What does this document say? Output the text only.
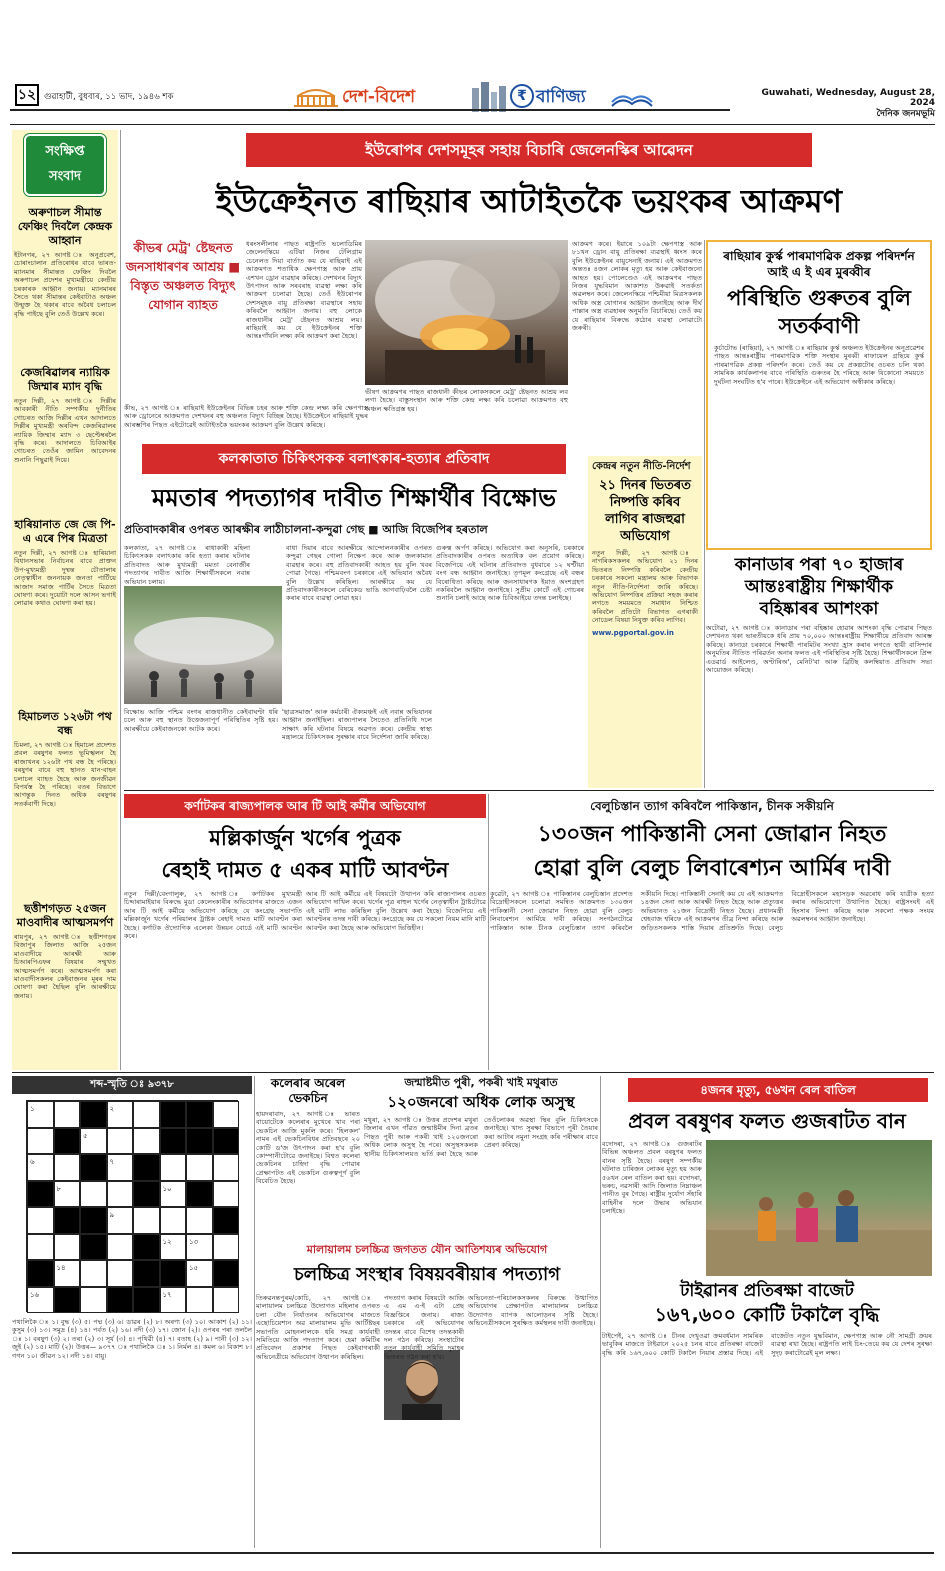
১২ গুৱাহাটী, বুধবাৰ, ১১ ভাদ, ১৯৪৬ শক	দেশ-বিদেশ	₹ বাণিজ্য	Guwahati, Wednesday, August 28, 2024
দৈনিক জনমভূমি
সংক্ষিপ্ত
সংবাদ
অৰুণাচল সীমান্ত ফেঞ্চিং দিবলৈ কেন্দ্ৰক আহ্বান
ইটানগৰ, ২৭ আগষ্ট ঃ অনুপ্ৰবেশ, চোৰাংচালান প্ৰতিৰোধৰ বাবে ভাৰত-ম্যানমাৰ সীমান্তত ফেঞ্চিং দিবলৈ অৰুণাচল প্ৰদেশৰ মুখ্যমন্ত্ৰীয়ে কেন্দ্ৰীয় চৰকাৰক আহ্বান জনায়। ম্যানমাৰৰ সৈতে থকা সীমান্তৰ কেইবাটাও অঞ্চল উন্মুক্ত হৈ থকাৰ বাবে অবৈধ চলাচল বৃদ্ধি পাইছে বুলি তেওঁ উল্লেখ কৰে।
কেজৰিৱালৰ ন্যায়িক জিম্মাৰ ম্যাদ বৃদ্ধি
নতুন দিল্লী, ২৭ আগষ্ট ঃ দিল্লীৰ আবকাৰী নীতি সম্পৰ্কীয় দুৰ্নীতিৰ গোচৰত আজি দিল্লীৰ এখন আদালতে দিল্লীৰ মুখ্যমন্ত্ৰী অৰবিন্দ কেজৰিৱালৰ ন্যায়িক জিম্মাৰ ম্যাদ ৩ ছেপ্টেম্বৰলৈ বৃদ্ধি কৰে। আদালতে চিবিআইৰ গোচৰত তেওঁৰ জামিন আবেদনৰ শুনানি পিছুৱাই দিয়ে।
হাৰিয়ানাত জে জে পি-এ এৰে পিৰ মিত্ৰতা
নতুন দিল্লী, ২৭ আগষ্ট ঃ হাৰিয়ানা বিধানসভাৰ নিৰ্বাচনৰ বাবে প্ৰাক্তন উপ-মুখ্যমন্ত্ৰী দুষ্মন্ত চৌতালাৰ নেতৃত্বাধীন জননায়ক জনতা পাৰ্টিয়ে আজাদ সমাজ পাৰ্টিৰ সৈতে মিত্ৰতা ঘোষণা কৰে। দুয়োটা দলে আসন ভগাই লোৱাৰ কথাও ঘোষণা কৰা হয়।
হিমাচলত ১২৬টা পথ বন্ধ
চিমলা, ২৭ আগষ্ট ঃ হিমাচল প্ৰদেশত প্ৰবল বৰষুণৰ ফলত ভূমিস্খলন হৈ ৰাজ্যখনৰ ১২৬টা পথ বন্ধ হৈ পৰিছে। বৰষুণৰ বাবে বহু স্থানত যান-বাহন চলাচল ব্যাহত হৈছে আৰু জনজীৱন বিপৰ্যস্ত হৈ পৰিছে। বতৰ বিভাগে আগন্তুক দিনত অধিক বৰষুণৰ সতৰ্কবাণী দিছে।
ছত্তীশগড়ত ২৫জন মাওবাদীৰ আত্মসমৰ্পণ
ৰায়পুৰ, ২৭ আগষ্ট ঃ ছত্তীশগড়ৰ বিজাপুৰ জিলাত আজি ২৫জন মাওবাদীয়ে আৰক্ষী আৰু চিআৰপিএফৰ বিষয়াৰ সন্মুখত আত্মসমৰ্পণ কৰে। আত্মসমৰ্পণ কৰা মাওবাদীসকলৰ কেইবাজনৰ মূৰৰ দাম ঘোষণা কৰা হৈছিল বুলি আৰক্ষীয়ে জনায়।
ইউৰোপৰ দেশসমূহৰ সহায় বিচাৰি জেলেনস্কিৰ আৱেদন
ইউক্ৰেইনত ৰাছিয়াৰ আটাইতকৈ ভয়ংকৰ আক্ৰমণ
কীভৰ মেট্ৰ' ষ্টেছনত জনসাধাৰণৰ আশ্ৰয় ■ বিস্তৃত অঞ্চলত বিদ্যুৎ যোগান ব্যাহত
কীভ, ২৭ আগষ্ট ঃ ৰাছিয়াই ইউক্ৰেইনৰ বিভিন্ন চহৰ আৰু শক্তি কেন্দ্ৰ লক্ষ্য কৰি ক্ষেপণাস্ত্ৰ আৰু ড্ৰোনেৰে আক্ৰমণত দেশখনৰ বহু অঞ্চলত বিদ্যুৎ বিচ্ছিন্ন হৈছে। ইউক্ৰেইনে ৰাছিয়াই যুদ্ধৰ আৰম্ভণিৰ পিছত এইটোৱেই আটাইতকৈ ভয়ংকৰ আক্ৰমণ বুলি উল্লেখ কৰিছে।
ধৰংসলীলাৰ পাছত ৰাষ্ট্ৰপতি ভলোডিমিৰ জেলেনস্কিয়ে এটিয়া নিজৰ টেলিগ্ৰাম চেনেলত দিয়া বাৰ্তাত কয় যে ৰাছিয়াই এই আক্ৰমণত শতাধিক ক্ষেপণাস্ত্ৰ আৰু প্ৰায় এশখন ড্ৰোন ব্যৱহাৰ কৰিছে। দেশখনৰ বিদ্যুৎ উৎপাদন আৰু সৰবৰাহ ব্যৱস্থা লক্ষ্য কৰি আক্ৰমণ চলোৱা হৈছে। তেওঁ ইউৰোপৰ দেশসমূহক বায়ু প্ৰতিৰক্ষা ব্যৱস্থাৰে সহায় কৰিবলৈ আহ্বান জনায়। বহু লোকে ৰাজধানীৰ মেট্ৰ' ষ্টেছনত আশ্ৰয় লয়। ৰাছিয়াই কয় যে ইউক্ৰেইনৰ শক্তি আন্তঃগাঁথনি লক্ষ্য কৰি আক্ৰমণ কৰা হৈছে।
ভীষণ আক্ৰমণৰ পাছত ৰাজধানী কীভৰ লোকসকলে মেট্ৰ' ষ্টেছনত আশ্ৰয় লব লগা হৈছে। বাস্তুসংস্থান আৰু শক্তি কেন্দ্ৰ লক্ষ্য কৰি চলোৱা আক্ৰমণত বহু অঞ্চল ক্ষতিগ্ৰস্ত হয়।
আক্ৰমণ কৰে। ইয়াৰে ১০৯টা ক্ষেপণাস্ত্ৰ আৰু ৮১খন ড্ৰোন বায়ু প্ৰতিৰক্ষা ব্যৱস্থাই ধ্বংস কৰে বুলি ইউক্ৰেইনৰ বায়ুসেনাই জনায়। এই আক্ৰমণত অন্ততঃ ৪জন লোকৰ মৃত্যু হয় আৰু কেইবাজনো আহত হয়। পোলেণ্ডেও এই আক্ৰমণৰ পাছত নিজৰ যুদ্ধবিমান আকাশত উৰুৱাই সতৰ্কতা অৱলম্বন কৰে। জেলেনস্কিয়ে পশ্চিমীয়া মিত্ৰসকলক অধিক অস্ত্ৰ যোগানৰ আহ্বান জনাইছে আৰু দীৰ্ঘ পাল্লাৰ অস্ত্ৰ ব্যৱহাৰৰ অনুমতি বিচাৰিছে। তেওঁ কয় যে ৰাছিয়াৰ বিৰুদ্ধে কঠোৰ ব্যৱস্থা লোৱাটো জৰুৰী।
ৰাছিয়াৰ কুৰ্স্ক পাৰমাণৱিক প্ৰকল্প পৰিদৰ্শন আই এ ই এৰ মুৰব্বীৰ
পৰিস্থিতি গুৰুতৰ বুলি সতৰ্কবাণী
কুৰ্চাটোভ (ৰাছিয়া), ২৭ আগষ্ট ঃ ৰাছিয়াৰ কুৰ্স্ক অঞ্চলত ইউক্ৰেইনৰ অনুপ্ৰৱেশৰ পাছত আন্তঃৰাষ্ট্ৰীয় পাৰমাণৱিক শক্তি সংস্থাৰ মুৰব্বী ৰাফায়েল গ্ৰছিয়ে কুৰ্স্ক পাৰমাণৱিক প্ৰকল্প পৰিদৰ্শন কৰে। তেওঁ কয় যে প্ৰকল্পটোৰ ওচৰত চলি থকা সামৰিক কাৰ্যকলাপৰ বাবে পৰিস্থিতি গুৰুতৰ হৈ পৰিছে আৰু যিকোনো সময়তে দুৰ্ঘটনা সংঘটিত হ'ব পাৰে। ইউক্ৰেইনে এই অভিযোগ অস্বীকাৰ কৰিছে।
কলকাতাত চিকিৎসকক বলাৎকাৰ-হত্যাৰ প্ৰতিবাদ
মমতাৰ পদত্যাগৰ দাবীত শিক্ষাৰ্থীৰ বিক্ষোভ
প্ৰতিবাদকাৰীৰ ওপৰত আৰক্ষীৰ লাঠীচালনা-কন্দুৱা গেছ ■ আজি বিজেপিৰ হৰতাল
কলকাতা, ২৭ আগষ্ট ঃ ৰাধাকাৰী মহিলা চিকিৎসকক বলাৎকাৰ কৰি হত্যা কৰাৰ ঘটনাৰ প্ৰতিবাদত আৰু মুখ্যমন্ত্ৰী মমতা বেনাৰ্জীৰ পদত্যাগৰ দাবীত আজি শিক্ষাৰ্থীসকলে নবান্ন অভিযান চলায়।
বাধা দিয়াৰ বাবে আৰক্ষীয়ে আন্দোলনকাৰীৰ ওপৰত কন্দুৱা গেছৰ গোলা নিক্ষেপ কৰে আৰু জলকামান ব্যৱহাৰ কৰে। বহু প্ৰতিবাদকাৰী আহত হয় বুলি খবৰ পোৱা গৈছে। পশ্চিমবংগ চৰকাৰে এই অভিযান অবৈধ বুলি উল্লেখ কৰিছিল। আৰক্ষীয়ে কয় যে প্ৰতিবাদকাৰীসকলে বেৰিকেড ভাঙি আগবাঢ়িবলৈ চেষ্টা কৰাৰ বাবে ব্যৱস্থা লোৱা হয়।
গুৰুত্ব অৰ্পণ কৰিছে। অভিযোগ কৰা অনুসৰি, চৰকাৰে প্ৰতিবাদকাৰীৰ ওপৰত অত্যধিক বল প্ৰয়োগ কৰিছে। বিজেপিয়ে এই ঘটনাৰ প্ৰতিবাদত বুধবাৰে ১২ ঘণ্টীয়া বংগ বন্ধ আহ্বান জনাইছে। তৃণমূল কংগ্ৰেছে এই বন্ধৰ বিৰোধিতা কৰিছে আৰু জনসাধাৰণক ইয়াত অংশগ্ৰহণ নকৰিবলৈ আহ্বান জনাইছে। সুপ্ৰীম কোৰ্টে এই গোচৰৰ শুনানি চলাই আছে আৰু চিবিআইয়ে তদন্ত চলাইছে।
বিক্ষোভ আজি পশ্চিম বংগৰ ৰাজধানীত কেইবাঘণ্টা ধৰি চলে আৰু বহু স্থানত উত্তেজনাপূৰ্ণ পৰিস্থিতিৰ সৃষ্টি হয়। আৰক্ষীয়ে কেইবাজনকো আটক কৰে।
'ছাত্ৰসমাজ' আৰু কৰ্মচাৰী ঐক্যমঞ্চই এই নবান্ন অভিযানৰ আহ্বান জনাইছিল। ৰাজ্যপালৰ সৈতেও প্ৰতিনিধি দলে সাক্ষাৎ কৰি ঘটনাৰ বিষয়ে অৱগত কৰে। কেন্দ্ৰীয় স্বাস্থ্য মন্ত্ৰালয়ে চিকিৎসকৰ সুৰক্ষাৰ বাবে নিৰ্দেশনা জাৰি কৰিছে।
কেন্দ্ৰৰ নতুন নীতি-নিৰ্দেশ
২১ দিনৰ ভিতৰত নিষ্পত্তি কৰিব লাগিব ৰাজহুৱা অভিযোগ
নতুন দিল্লী, ২৭ আগষ্ট ঃ নাগৰিকসকলৰ অভিযোগ ২১ দিনৰ ভিতৰত নিষ্পত্তি কৰিবলৈ কেন্দ্ৰীয় চৰকাৰে সকলো মন্ত্ৰালয় আৰু বিভাগক নতুন নীতি-নিৰ্দেশনা জাৰি কৰিছে। অভিযোগ নিষ্পত্তিৰ প্ৰক্ৰিয়া সহজ কৰাৰ লগতে সময়মতে সমাধান নিশ্চিত কৰিবলৈ প্ৰতিটো বিভাগত এগৰাকী নোডেল বিষয়া নিযুক্ত কৰিব লাগিব।
www.pgportal.gov.in
কানাডাৰ পৰা ৭০ হাজাৰ
আন্তঃৰাষ্ট্ৰীয় শিক্ষাৰ্থীক
বহিষ্কাৰৰ আশংকা
অটোৱা, ২৭ আগষ্ট ঃ কানাডাৰ পৰা বহিষ্কাৰ হোৱাৰ আশংকা বৃদ্ধি পোৱাৰ পিছত দেশখনত থকা ভাৰতীয়কে ধৰি প্ৰায় ৭০,০০০ আন্তঃৰাষ্ট্ৰীয় শিক্ষাৰ্থীয়ে প্ৰতিবাদ আৰম্ভ কৰিছে। কানাডা চৰকাৰে শিক্ষাৰ্থী পাৰমিটৰ সংখ্যা হ্ৰাস কৰাৰ লগতে স্থায়ী বাসিন্দাৰ অনুমতিৰ নীতিত পৰিৱৰ্তন অনাৰ ফলত এই পৰিস্থিতিৰ সৃষ্টি হৈছে। শিক্ষাৰ্থীসকলে প্ৰিন্স এডৱাৰ্ড আইলেণ্ড, অণ্টাৰিঅ', মেনিট'বা আৰু ব্ৰিটিছ কলম্বিয়াত প্ৰতিবাদ সভা আয়োজন কৰিছে।
কৰ্ণাটকৰ ৰাজ্যপালক আৰ টি আই কৰ্মীৰ অভিযোগ
মল্লিকাৰ্জুন খৰ্গেৰ পুত্ৰক
ৰেহাই দামত ৫ একৰ মাটি আবণ্টন
নতুন দিল্লী/বেংগালুৰু, ২৭ আগষ্ট ঃ কৰ্ণাটকৰ মুখ্যমন্ত্ৰী চিদ্দাৰামাইয়াৰ বিৰুদ্ধে মুডা কেলেংকাৰীৰ অভিযোগৰ মাজতে এজন আৰ টি আই কৰ্মীয়ে অভিযোগ কৰিছে যে কংগ্ৰেছ সভাপতি মল্লিকাৰ্জুন খৰ্গেৰ পৰিয়ালৰ ট্ৰাষ্টক ৰেহাই দামত মাটি আবণ্টন কৰা হৈছে। কৰ্ণাটক ঔদ্যোগিক এলেকা উন্নয়ন বোৰ্ডে এই মাটি আবণ্টন কৰে।
আৰ টি আই কৰ্মীয়ে এই বিষয়টো উত্থাপন কৰি ৰাজ্যপালৰ ওচৰত অভিযোগ দাখিল কৰে। খৰ্গেৰ পুত্ৰ ৰাহুল খৰ্গেৰ নেতৃত্বাধীন ট্ৰাষ্টটোৱে এই মাটি লাভ কৰিছিল বুলি উল্লেখ কৰা হৈছে। বিজেপিয়ে এই আবণ্টনৰ তদন্ত দাবী কৰিছে। কংগ্ৰেছে কয় যে সকলো নিয়ম মানি মাটি আবণ্টন কৰা হৈছে আৰু অভিযোগ ভিত্তিহীন।
বেলুচিস্তান ত্যাগ কৰিবলৈ পাকিস্তান, চীনক সকীয়নি
১৩০জন পাকিস্তানী সেনা জোৱান নিহত
হোৱা বুলি বেলুচ লিবাৰেশ্যন আৰ্মিৰ দাবী
কুৱেটা, ২৭ আগষ্ট ঃ পাকিস্তানৰ বেলুচিস্তান প্ৰদেশত বিদ্ৰোহীসকলে চলোৱা সমন্বিত আক্ৰমণত ১৩০জন পাকিস্তানী সেনা জোৱান নিহত হোৱা বুলি বেলুচ লিবাৰেশ্যন আৰ্মিয়ে দাবী কৰিছে। সংগঠনটোৱে পাকিস্তান আৰু চীনক বেলুচিস্তান ত্যাগ কৰিবলৈ সকীয়নি দিছে। পাকিস্তানী সেনাই কয় যে এই আক্ৰমণত ১৪জন সেনা আৰু আৰক্ষী নিহত হৈছে আৰু প্ৰত্যুত্তৰ অভিযানত ২১জন বিদ্ৰোহী নিহত হৈছে। প্ৰধানমন্ত্ৰী শ্বেহবাজ শ্বৰিফে এই আক্ৰমণৰ তীব্ৰ নিন্দা কৰিছে আৰু জড়িতসকলক শাস্তি দিয়াৰ প্ৰতিশ্ৰুতি দিছে। বেলুচ বিদ্ৰোহীসকলে মহাসড়ক অৱৰোধ কৰি যাত্ৰীক হত্যা কৰাৰ অভিযোগো উত্থাপিত হৈছে। ৰাষ্ট্ৰসংঘই এই হিংসাৰ নিন্দা কৰিছে আৰু সকলো পক্ষক সংযম অৱলম্বনৰ আহ্বান জনাইছে।
শব্দ-স্মৃতি ঃ ৯৩৭৮
১	২
৫
৬	৭
৮	১০
৯
১২	১৩
১৪	১৫
১৬	১৭
পথালিকৈ ঃ ১। বুদ্ধ (৩) ৫। পদ্ম (৩) ৬। ডাৱৰ (২) ৮। অৰণ্য (৩) ১০। আকাশ (২) ১১। কুসুম (৩) ১৩। সমুদ্ৰ (৪) ১৪। পৰ্বত (২) ১৬। নদী (৩) ১৭। জোন (২)। ওপৰৰ পৰা তললৈ ঃ ১। বৰষুণ (৩) ২। তৰা (২) ৩। সূৰ্য (৩) ৪। পৃথিৱী (৪) ৭। বতাহ (২) ৯। পানী (৩) ১২। জুই (২) ১৫। মাটি (২)। উত্তৰ— ৯৩৭৭ ঃ পথালিকৈ ঃ ১। নিৰ্মল ৪। কমল ৬। বিকাশ ৮। গগন ১০। জীৱন ১২। নদী ১৪। বায়ু।
কলেৰাৰ অৰেল ভেকচিন
হায়দৰাবাদ, ২৭ আগষ্ট ঃ ভাৰত বায়োটেকে কলেৰাৰ মুখেৰে খাব পৰা ভেকচিন আজি মুকলি কৰে। 'হিলকল' নামৰ এই ভেকচিনবিধৰ প্ৰতিবছৰে ২০ কোটি ড'জ উৎপাদন কৰা হ'ব বুলি কোম্পানীটোৱে জনাইছে। বিশ্বত কলেৰা ভেকচিনৰ চাহিদা বৃদ্ধি পোৱাৰ প্ৰেক্ষাপটত এই ভেকচিন গুৰুত্বপূৰ্ণ বুলি বিবেচিত হৈছে।
জন্মাষ্টমীত পুৰী, পকৰী খাই মথুৰাত
১২০জনৰো অধিক লোক অসুস্থ
মথুৰা, ২৭ আগষ্ট ঃ উত্তৰ প্ৰদেশৰ মথুৰা জিলাৰ এখন গাঁৱত জন্মাষ্টমীৰ দিনা ব্ৰতৰ পিছত পুৰী আৰু পকৰী খাই ১২০জনৰো অধিক লোক অসুস্থ হৈ পৰে। অসুস্থসকলক স্থানীয় চিকিৎসালয়ত ভৰ্তি কৰা হৈছে আৰু তেওঁলোকৰ অৱস্থা স্থিৰ বুলি চিকিৎসকে জনাইছে। খাদ্য সুৰক্ষা বিভাগে পুৰী তৈয়াৰ কৰা আটাৰ নমুনা সংগ্ৰহ কৰি পৰীক্ষাৰ বাবে প্ৰেৰণ কৰিছে।
মালায়ালম চলচ্চিত্ৰ জগতত যৌন আতিশয্যৰ অভিযোগ
চলচ্চিত্ৰ সংস্থাৰ বিষয়বৰীয়াৰ পদত্যাগ
তিৰুৱনন্তপুৰম/কোচি, ২৭ আগষ্ট ঃ মালায়ালম চলচ্চিত্ৰ উদ্যোগত মহিলাৰ ওপৰত চলা যৌন নিৰ্যাতনৰ অভিযোগৰ মাজতে এছোচিয়েশ্যন অৱ মালায়ালম মুভি আৰ্টিষ্টছৰ সভাপতি মোহনলালকে ধৰি সমগ্ৰ কাৰ্যবাহী সমিতিয়ে আজি পদত্যাগ কৰে। হেমা কমিটিৰ প্ৰতিবেদন প্ৰকাশৰ পিছত কেইবাগৰাকী অভিনেত্ৰীয়ে অভিযোগ উত্থাপন কৰিছিল।
পদত্যাগ কৰাৰ বিষয়টো আজি এ এম এ-ই এটা প্ৰেছ বিজ্ঞপ্তিৰে জনায়। ৰাজ্য চৰকাৰে এই অভিযোগৰ তদন্তৰ বাবে বিশেষ তদন্তকাৰী দল গঠন কৰিছে। সংস্থাটোৰ নতুন কাৰ্যবাহী সমিতি দুমাহৰ ভিতৰত গঠন কৰা হ'ব।
অভিনেতা-পৰিচালকসকলৰ বিৰুদ্ধে উত্থাপিত অভিযোগৰ প্ৰেক্ষাপটত মালায়ালম চলচ্চিত্ৰ উদ্যোগত ব্যাপক আলোড়নৰ সৃষ্টি হৈছে। অভিনেত্ৰীসকলে সুৰক্ষিত কৰ্মস্থলৰ দাবী জনাইছে।
৪জনৰ মৃত্যু, ৫৬খন ৰেল বাতিল
প্ৰবল বৰষুণৰ ফলত গুজৰাটত বান
বদোদৰা, ২৭ আগষ্ট ঃ গুজৰাটৰ বিভিন্ন অঞ্চলত প্ৰবল বৰষুণৰ ফলত বানৰ সৃষ্টি হৈছে। বৰষুণ সম্পৰ্কীয় ঘটনাত চাৰিজন লোকৰ মৃত্যু হয় আৰু ৫৬খন ৰেল বাতিল কৰা হয়। বদোদৰা, ভৰুচ, নৱসাৰী আদি জিলাত নিম্নাঞ্চল পানীত বুৰ গৈছে। ৰাষ্ট্ৰীয় দুৰ্যোগ সঁহাৰি বাহিনীৰ দলে উদ্ধাৰ অভিযান চলাইছে।
টাইৱানৰ প্ৰতিৰক্ষা বাজেট
১৬৭,৬০০ কোটি টকালৈ বৃদ্ধি
টাইপেই, ২৭ আগষ্ট ঃ চীনৰ দেখুওৱা ক্ৰমবৰ্ধমান সামৰিক ভাবুকিৰ মাজতে টাইৱানে ২০২৫ চনৰ বাবে প্ৰতিৰক্ষা বাজেট বৃদ্ধি কৰি ১৬৭,৬০০ কোটি টকালৈ নিয়াৰ প্ৰস্তাৱ দিছে। এই বাজেটত নতুন যুদ্ধবিমান, ক্ষেপণাস্ত্ৰ আৰু নৌ সামগ্ৰী ক্ৰয়ৰ ব্যৱস্থা ৰখা হৈছে। ৰাষ্ট্ৰপতি লাই চিং-তেয়ে কয় যে দেশৰ সুৰক্ষা সুদৃঢ় কৰাটোৱেই মূল লক্ষ্য।
